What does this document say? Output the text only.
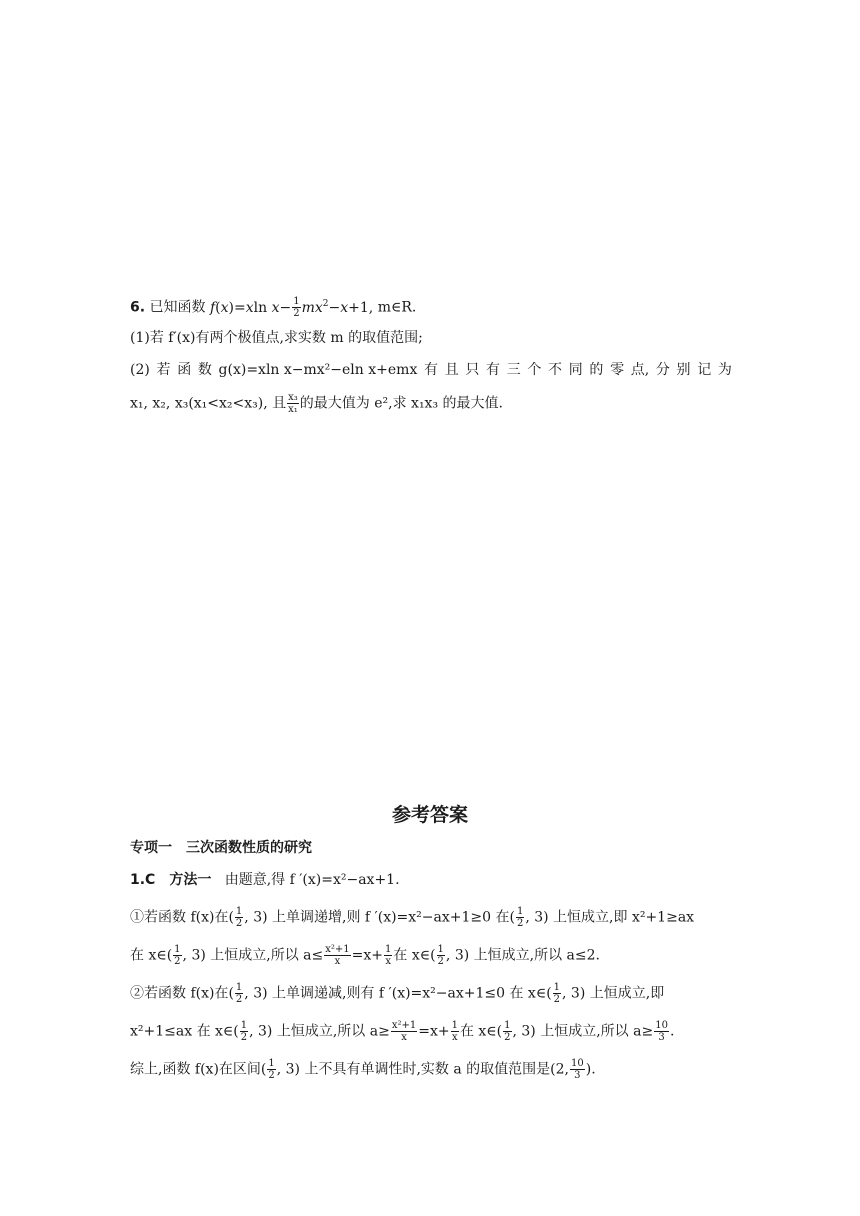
6. 已知函数 f(x)=xln $x- \frac{1}{2} mx^2-x+1$, m∈R.
(1)若 f′(x)有两个极值点,求实数 m 的取值范围;
(2) 若 函 数 g(x)=xln x−mx²−eln x+emx 有 且 只 有 三 个 不 同 的 零 点, 分 别 记 为
x₁, x₂, x₃(x₁<x₂<x₃), 且 $\frac{\text{x₃}}{\text{x₁}}$ 的最大值为 e²,求 x₁x₃ 的最大值.
参考答案
专项一　三次函数性质的研究
1.C　方法一 由题意,得 f ′(x)=x²−ax+1.
①若函数 f(x)在( $\frac{1}{2}$ , 3) 上单调递增,则 f ′(x)=x²−ax+1≥0 在( $\frac{1}{2}$ , 3) 上恒成立,即 x²+1≥ax
在 x∈( $\frac{1}{2}$ , 3) 上恒成立,所以 $a\le \frac{\text{x²+1}}{x} =x+ \frac{1}{x}$ 在 x∈( $\frac{1}{2}$ , 3) 上恒成立,所以 a≤2.
②若函数 f(x)在( $\frac{1}{2}$ , 3) 上单调递减,则有 f ′(x)=x²−ax+1≤0 在 x∈( $\frac{1}{2}$ , 3) 上恒成立,即
x²+1≤ax 在 x∈( $\frac{1}{2}$ , 3) 上恒成立,所以 $a\ge \frac{\text{x²+1}}{x} =x+ \frac{1}{x}$ 在 x∈( $\frac{1}{2}$ , 3) 上恒成立,所以 $a\ge \frac{10}{3}$ .
综上,函数 f(x)在区间( $\frac{1}{2}$ , 3) 上不具有单调性时,实数 a 的取值范围是(2, $\frac{10}{3}$ ).
